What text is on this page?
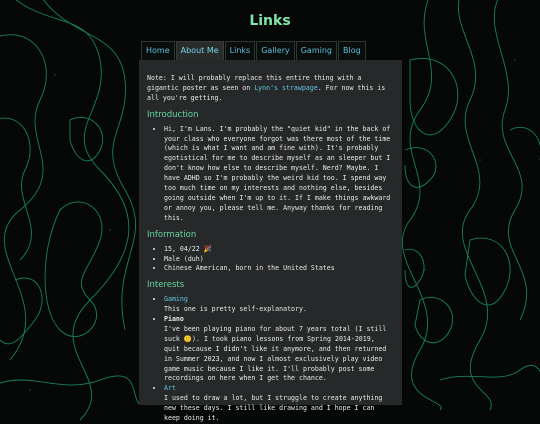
Links
Home	About Me	Links	Gallery	Gaming	Blog

Note: I will probably replace this entire thing with a gigantic poster as seen on Lynn's strawpage. For now this is all you're getting.

Introduction
• Hi, I'm Lans. I'm probably the "quiet kid" in the back of your class who everyone forgot was there most of the time (which is what I want and am fine with). It's probably egotistical for me to describe myself as an sleeper but I don't know how else to describe myself. Nerd? Maybe. I have ADHD so I'm probably the weird kid too. I spend way too much time on my interests and nothing else, besides going outside when I'm up to it. If I make things awkward or annoy you, please tell me. Anyway thanks for reading this.
Information
• 15, 04/22 🎉
• Male (duh)
• Chinese American, born in the United States
Interests
• Gaming
This one is pretty self-explanatory.
• Piano
I've been playing piano for about 7 years total (I still suck 🙂). I took piano lessons from Spring 2014-2019, quit because I didn't like it anymore, and then returned in Summer 2023, and now I almost exclusively play video game music because I like it. I'll probably post some recordings on here when I get the chance.
• Art
I used to draw a lot, but I struggle to create anything new these days. I still like drawing and I hope I can keep doing it.
